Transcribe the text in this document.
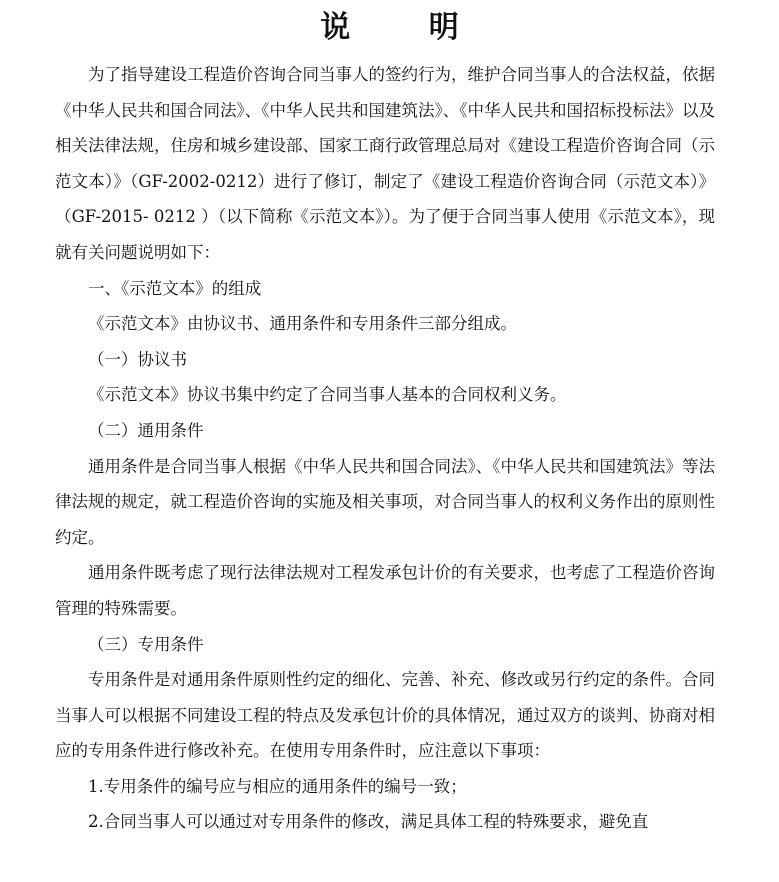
说 明

为了指导建设工程造价咨询合同当事人的签约行为，维护合同当事人的合法权益，依据《中华人民共和国合同法》、《中华人民共和国建筑法》、《中华人民共和国招标投标法》以及相关法律法规，住房和城乡建设部、国家工商行政管理总局对《建设工程造价咨询合同（示范文本）》（GF-2002-0212）进行了修订，制定了《建设工程造价咨询合同（示范文本）》（GF-2015- 0212 ）（以下简称《示范文本》）。为了便于合同当事人使用《示范文本》，现就有关问题说明如下：

一、《示范文本》的组成

《示范文本》由协议书、通用条件和专用条件三部分组成。

（一）协议书

《示范文本》协议书集中约定了合同当事人基本的合同权利义务。

（二）通用条件

通用条件是合同当事人根据《中华人民共和国合同法》、《中华人民共和国建筑法》等法律法规的规定，就工程造价咨询的实施及相关事项，对合同当事人的权利义务作出的原则性约定。

通用条件既考虑了现行法律法规对工程发承包计价的有关要求，也考虑了工程造价咨询管理的特殊需要。

（三）专用条件

专用条件是对通用条件原则性约定的细化、完善、补充、修改或另行约定的条件。合同当事人可以根据不同建设工程的特点及发承包计价的具体情况，通过双方的谈判、协商对相应的专用条件进行修改补充。在使用专用条件时，应注意以下事项：

1.专用条件的编号应与相应的通用条件的编号一致；

2.合同当事人可以通过对专用条件的修改，满足具体工程的特殊要求，避免直
